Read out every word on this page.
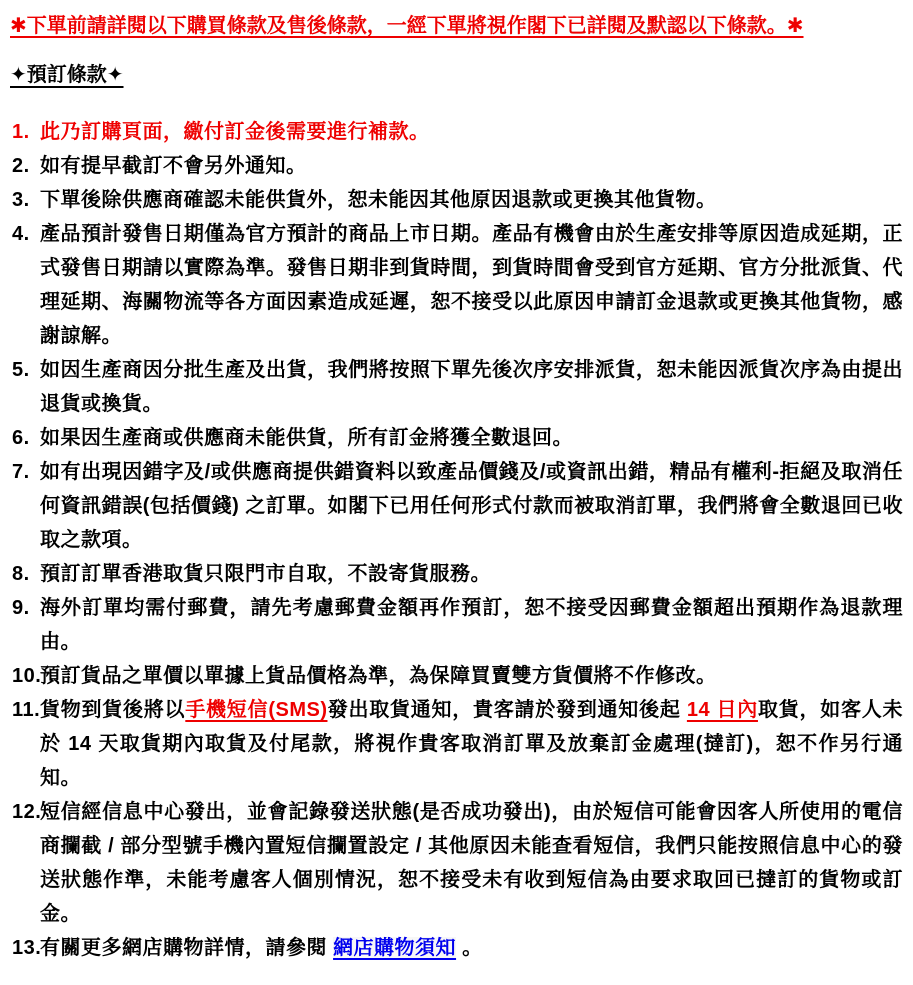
✱下單前請詳閱以下購買條款及售後條款，一經下單將視作閣下已詳閱及默認以下條款。✱
✦預訂條款✦
1. 此乃訂購頁面，繳付訂金後需要進行補款。
2. 如有提早截訂不會另外通知。
3. 下單後除供應商確認未能供貨外，恕未能因其他原因退款或更換其他貨物。
4. 產品預計發售日期僅為官方預計的商品上市日期。產品有機會由於生產安排等原因造成延期，正式發售日期請以實際為準。發售日期非到貨時間，到貨時間會受到官方延期、官方分批派貨、代理延期、海關物流等各方面因素造成延遲，恕不接受以此原因申請訂金退款或更換其他貨物，感謝諒解。
5. 如因生產商因分批生產及出貨，我們將按照下單先後次序安排派貨，恕未能因派貨次序為由提出退貨或換貨。
6. 如果因生產商或供應商未能供貨，所有訂金將獲全數退回。
7. 如有出現因錯字及/或供應商提供錯資料以致產品價錢及/或資訊出錯，精品有權利-拒絕及取消任何資訊錯誤(包括價錢) 之訂單。如閣下已用任何形式付款而被取消訂單，我們將會全數退回已收取之款項。
8. 預訂訂單香港取貨只限門市自取，不設寄貨服務。
9. 海外訂單均需付郵費，請先考慮郵費金額再作預訂，恕不接受因郵費金額超出預期作為退款理由。
10.
預訂貨品之單價以單據上貨品價格為準，為保障買賣雙方貨價將不作修改。
11. 貨物到貨後將以手機短信(SMS)發出取貨通知，貴客請於發到通知後起 14 日內取貨，如客人未於 14 天取貨期內取貨及付尾款，將視作貴客取消訂單及放棄訂金處理(撻訂)，恕不作另行通知。
12.
短信經信息中心發出，並會記錄發送狀態(是否成功發出)，由於短信可能會因客人所使用的電信商攔截 / 部分型號手機內置短信攔置設定 / 其他原因未能查看短信，我們只能按照信息中心的發送狀態作準，未能考慮客人個別情況，恕不接受未有收到短信為由要求取回已撻訂的貨物或訂金。
13.
有關更多網店購物詳情，請參閱 網店購物須知 。
